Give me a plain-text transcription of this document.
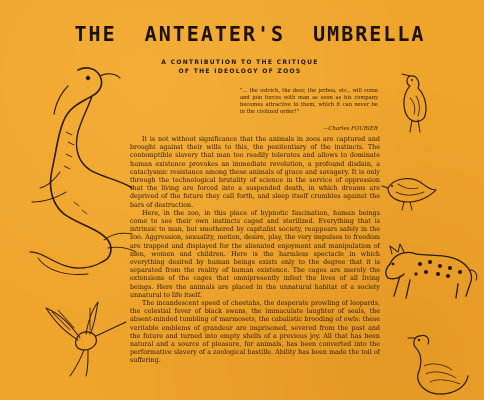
THE ANTEATER'S UMBRELLA
A CONTRIBUTION TO THE CRITIQUE
OF THE IDEOLOGY OF ZOOS
"... the ostrich, the deer, the jerboa, etc., will come and join forces with man as soon as his company becomes attractive to them, which it can never be in the civilized order!"
—Charles FOURIER

It is not without significance that the animals in zoos are captured and brought against their wills to this, the penitentiary of the instincts. The contemptible slavery that man too readily tolerates and allows to dominate human existence provokes an immediate revolution, a profound disdain, a cataclysmic resistance among these animals of grace and savagery. It is only through the technological brutality of science in the service of oppression that the living are forced into a suspended death, in which dreams are deprived of the future they call forth, and sleep itself crumbles against the bars of destruction.

Here, in the zoo, in this place of hypnotic fascination, human beings come to see their own instincts caged and sterilized. Everything that is intrinsic to man, but smothered by capitalist society, reappears safely in the zoo. Aggression, sexuality, motion, desire, play, the very impulses to freedom are trapped and displayed for the alienated enjoyment and manipulation of men, women and children. Here is the harmless spectacle in which everything desired by human beings exists only to the degree that it is separated from the reality of human existence. The cages are merely the extensions of the cages that omnipresently infest the lives of all living beings. Here the animals are placed in the unnatural habitat of a society unnatural to life itself.

The incandescent speed of cheetahs, the desperate prowling of leopards, the celestial fever of black swans, the immaculate laughter of seals, the absent-minded tumbling of marmosets, the cabalistic brooding of owls: these veritable emblems of grandeur are imprisoned, severed from the past and the future and turned into empty shells of a previous joy. All that has been natural and a source of pleasure, for animals, has been converted into the performative slavery of a zoological bastille. Ability has been made the toil of suffering.
